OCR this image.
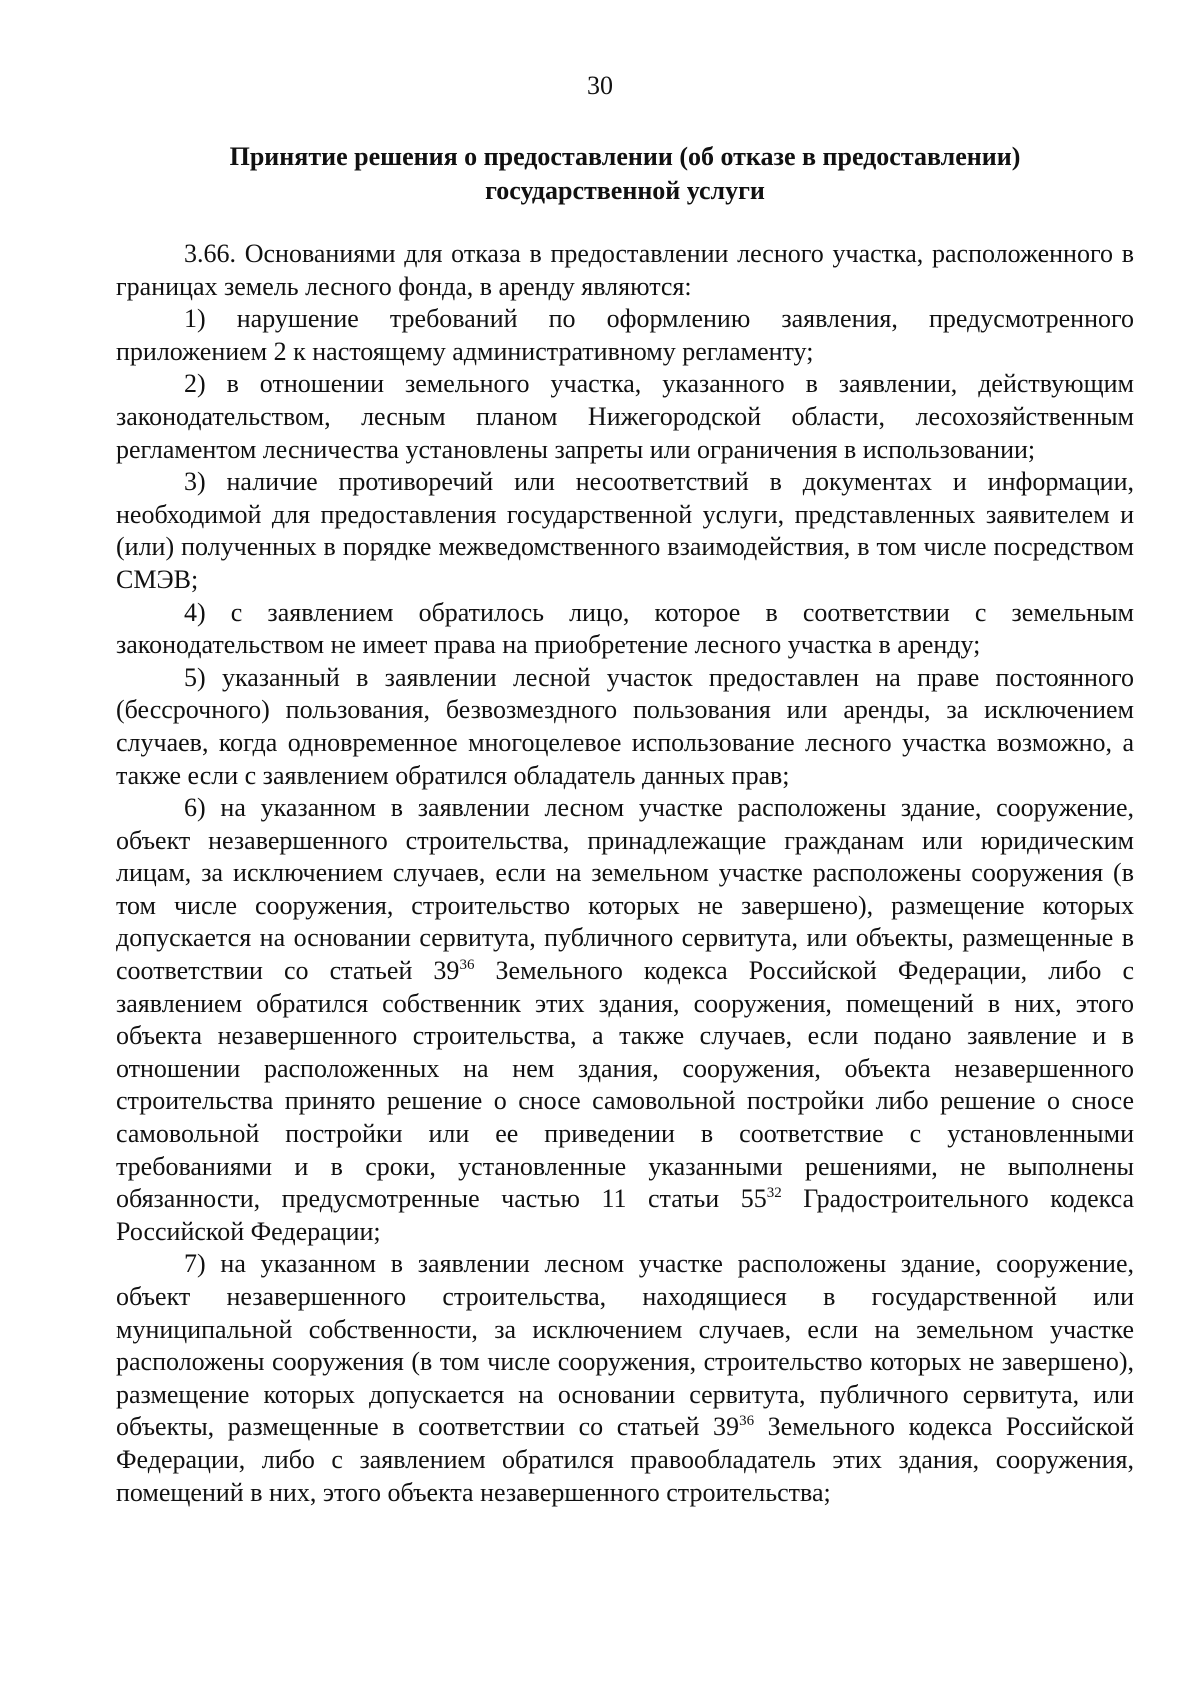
30
Принятие решения о предоставлении (об отказе в предоставлении)
государственной услуги

3.66. Основаниями для отказа в предоставлении лесного участка, расположенного в границах земель лесного фонда, в аренду являются:

1) нарушение требований по оформлению заявления, предусмотренного приложением 2 к настоящему административному регламенту;

2) в отношении земельного участка, указанного в заявлении, действующим законодательством, лесным планом Нижегородской области, лесохозяйственным регламентом лесничества установлены запреты или ограничения в использовании;

3) наличие противоречий или несоответствий в документах и информации, необходимой для предоставления государственной услуги, представленных заявителем и (или) полученных в порядке межведомственного взаимодействия, в том числе посредством СМЭВ;

4) с заявлением обратилось лицо, которое в соответствии с земельным законодательством не имеет права на приобретение лесного участка в аренду;

5) указанный в заявлении лесной участок предоставлен на праве постоянного (бессрочного) пользования, безвозмездного пользования или аренды, за исключением случаев, когда одновременное многоцелевое использование лесного участка возможно, а также если с заявлением обратился обладатель данных прав;

6) на указанном в заявлении лесном участке расположены здание, сооружение, объект незавершенного строительства, принадлежащие гражданам или юридическим лицам, за исключением случаев, если на земельном участке расположены сооружения (в том числе сооружения, строительство которых не завершено), размещение которых допускается на основании сервитута, публичного сервитута, или объекты, размещенные в соответствии со статьей $39^{36}$ Земельного кодекса Российской Федерации, либо с заявлением обратился собственник этих здания, сооружения, помещений в них, этого объекта незавершенного строительства, а также случаев, если подано заявление и в отношении расположенных на нем здания, сооружения, объекта незавершенного строительства принято решение о сносе самовольной постройки либо решение о сносе самовольной постройки или ее приведении в соответствие с установленными требованиями и в сроки, установленные указанными решениями, не выполнены обязанности, предусмотренные частью 11 статьи $55^{32}$ Градостроительного кодекса Российской Федерации;

7) на указанном в заявлении лесном участке расположены здание, сооружение, объект незавершенного строительства, находящиеся в государственной или муниципальной собственности, за исключением случаев, если на земельном участке расположены сооружения (в том числе сооружения, строительство которых не завершено), размещение которых допускается на основании сервитута, публичного сервитута, или объекты, размещенные в соответствии со статьей $39^{36}$ Земельного кодекса Российской Федерации, либо с заявлением обратился правообладатель этих здания, сооружения, помещений в них, этого объекта незавершенного строительства;
